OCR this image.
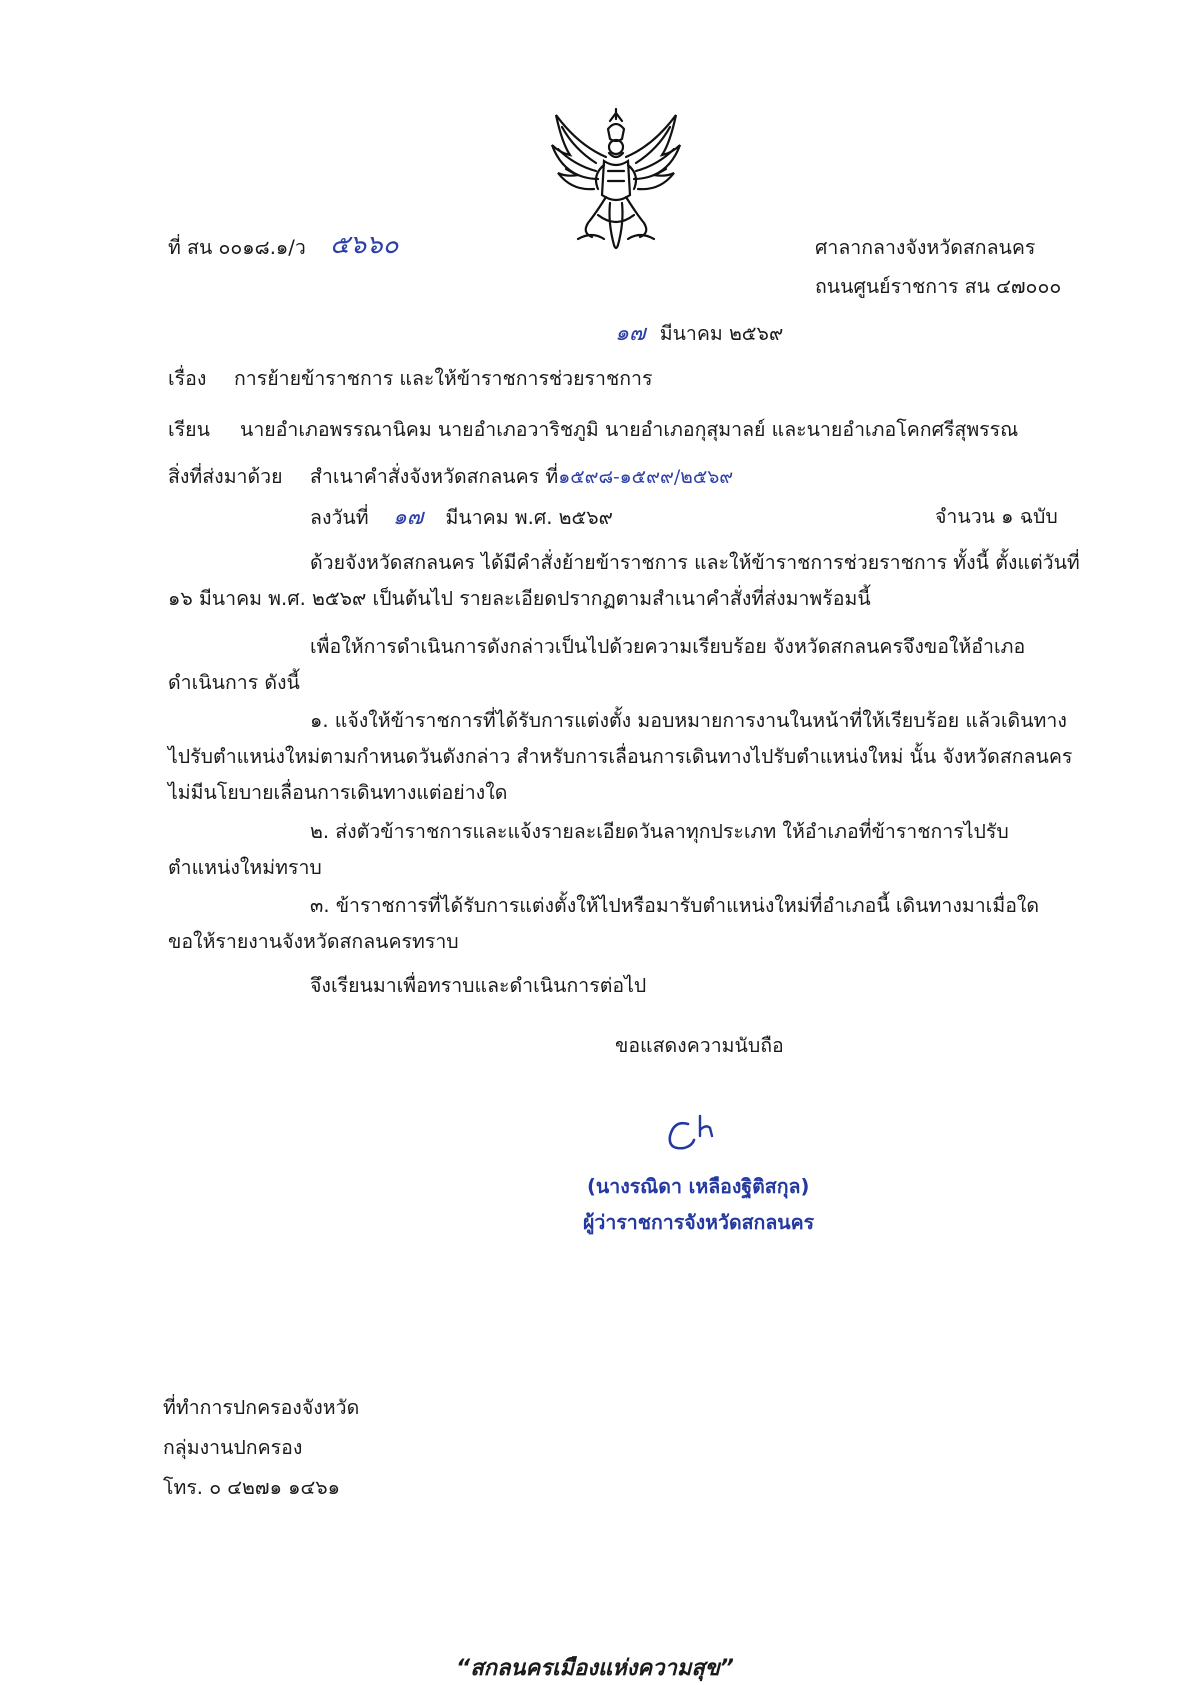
ที่ สน ๐๐๑๘.๑/ว ๕๖๖๐	ศาลากลางจังหวัดสกลนคร
ถนนศูนย์ราชการ สน ๔๗๐๐๐
๑๗ มีนาคม ๒๕๖๙
เรื่อง การย้ายข้าราชการ และให้ข้าราชการช่วยราชการ
เรียน นายอำเภอพรรณานิคม นายอำเภอวาริชภูมิ นายอำเภอกุสุมาลย์ และนายอำเภอโคกศรีสุพรรณ
สิ่งที่ส่งมาด้วย สำเนาคำสั่งจังหวัดสกลนคร ที่๑๕๙๘-๑๕๙๙/๒๕๖๙
ลงวันที่ ๑๗ มีนาคม พ.ศ. ๒๕๖๙	จำนวน ๑ ฉบับ
ด้วยจังหวัดสกลนคร ได้มีคำสั่งย้ายข้าราชการ และให้ข้าราชการช่วยราชการ ทั้งนี้ ตั้งแต่วันที่
๑๖ มีนาคม พ.ศ. ๒๕๖๙ เป็นต้นไป รายละเอียดปรากฏตามสำเนาคำสั่งที่ส่งมาพร้อมนี้
เพื่อให้การดำเนินการดังกล่าวเป็นไปด้วยความเรียบร้อย จังหวัดสกลนครจึงขอให้อำเภอ
ดำเนินการ ดังนี้
๑. แจ้งให้ข้าราชการที่ได้รับการแต่งตั้ง มอบหมายการงานในหน้าที่ให้เรียบร้อย แล้วเดินทาง
ไปรับตำแหน่งใหม่ตามกำหนดวันดังกล่าว สำหรับการเลื่อนการเดินทางไปรับตำแหน่งใหม่ นั้น จังหวัดสกลนคร
ไม่มีนโยบายเลื่อนการเดินทางแต่อย่างใด
๒. ส่งตัวข้าราชการและแจ้งรายละเอียดวันลาทุกประเภท ให้อำเภอที่ข้าราชการไปรับ
ตำแหน่งใหม่ทราบ
๓. ข้าราชการที่ได้รับการแต่งตั้งให้ไปหรือมารับตำแหน่งใหม่ที่อำเภอนี้ เดินทางมาเมื่อใด
ขอให้รายงานจังหวัดสกลนครทราบ
จึงเรียนมาเพื่อทราบและดำเนินการต่อไป
ขอแสดงความนับถือ
(นางรณิดา เหลืองฐิติสกุล)
ผู้ว่าราชการจังหวัดสกลนคร
ที่ทำการปกครองจังหวัด
กลุ่มงานปกครอง
โทร. ๐ ๔๒๗๑ ๑๔๖๑
“สกลนครเมืองแห่งความสุข”
